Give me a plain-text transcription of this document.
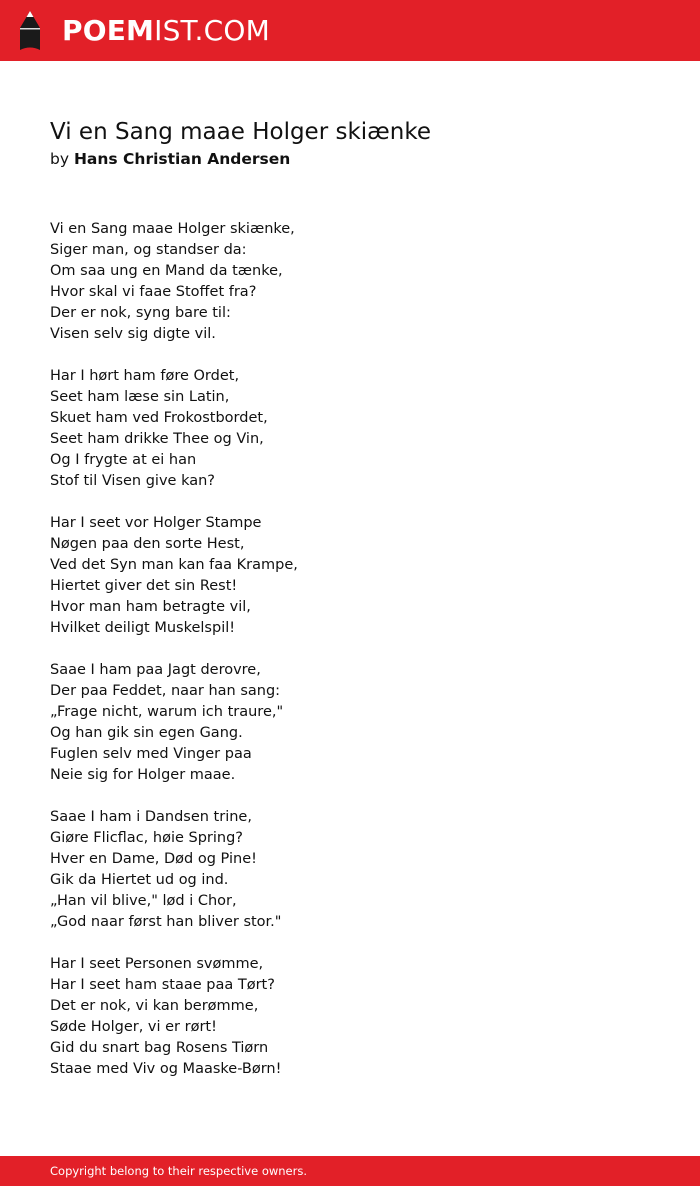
POEMIST.COM
Vi en Sang maae Holger skiænke
by Hans Christian Andersen
Vi en Sang maae Holger skiænke,
Siger man, og standser da:
Om saa ung en Mand da tænke,
Hvor skal vi faae Stoffet fra?
Der er nok, syng bare til:
Visen selv sig digte vil.
Har I hørt ham føre Ordet,
Seet ham læse sin Latin,
Skuet ham ved Frokostbordet,
Seet ham drikke Thee og Vin,
Og I frygte at ei han
Stof til Visen give kan?
Har I seet vor Holger Stampe
Nøgen paa den sorte Hest,
Ved det Syn man kan faa Krampe,
Hiertet giver det sin Rest!
Hvor man ham betragte vil,
Hvilket deiligt Muskelspil!
Saae I ham paa Jagt derovre,
Der paa Feddet, naar han sang:
„Frage nicht, warum ich traure,"
Og han gik sin egen Gang.
Fuglen selv med Vinger paa
Neie sig for Holger maae.
Saae I ham i Dandsen trine,
Giøre Flicflac, høie Spring?
Hver en Dame, Død og Pine!
Gik da Hiertet ud og ind.
„Han vil blive," lød i Chor,
„God naar først han bliver stor."
Har I seet Personen svømme,
Har I seet ham staae paa Tørt?
Det er nok, vi kan berømme,
Søde Holger, vi er rørt!
Gid du snart bag Rosens Tiørn
Staae med Viv og Maaske-Børn!
Copyright belong to their respective owners.
